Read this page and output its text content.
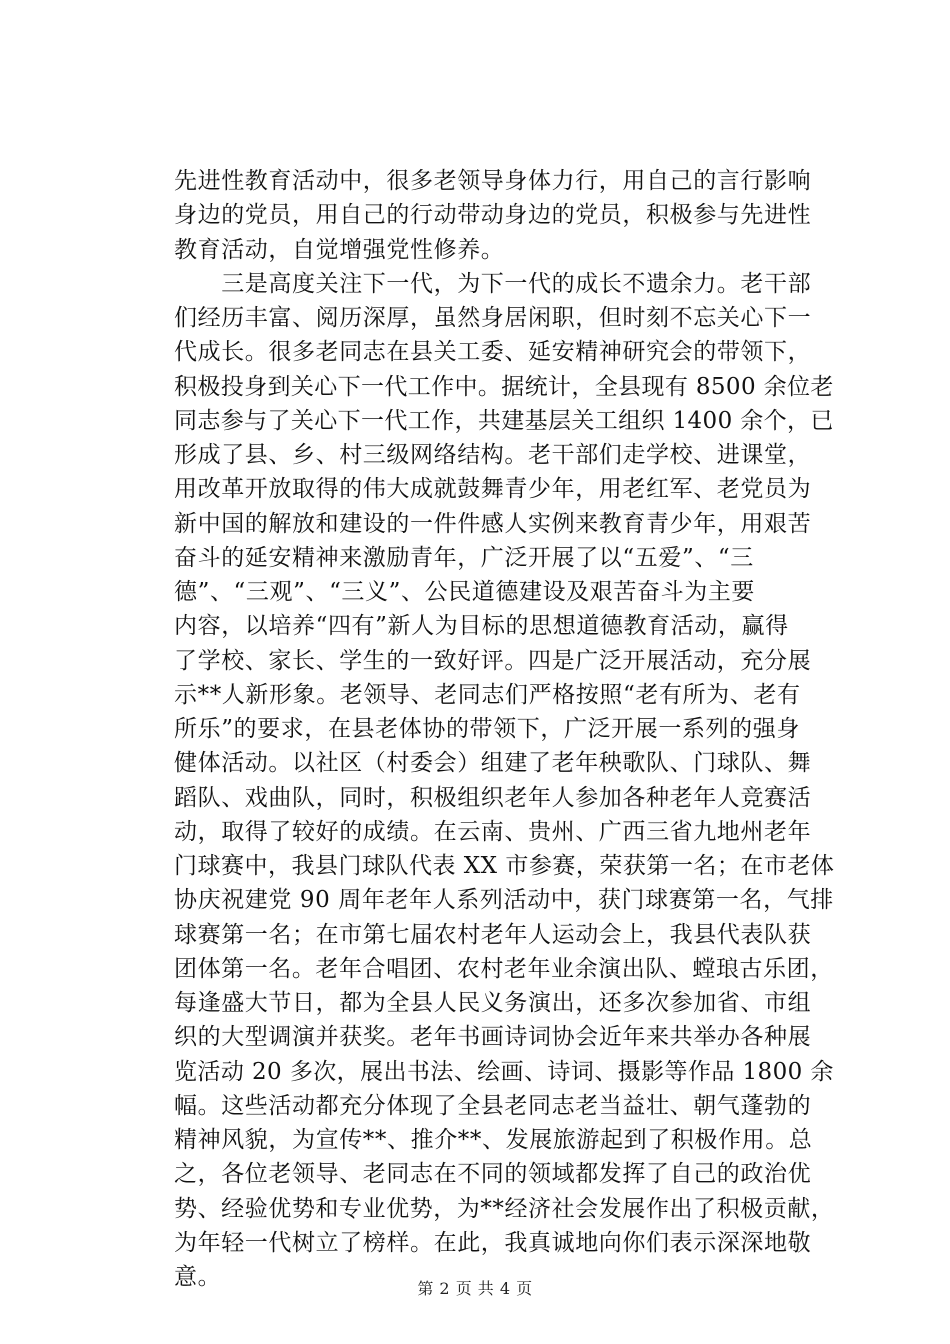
先进性教育活动中，很多老领导身体力行，用自己的言行影响
身边的党员，用自己的行动带动身边的党员，积极参与先进性
教育活动，自觉增强党性修养。
　　三是高度关注下一代，为下一代的成长不遗余力。老干部
们经历丰富、阅历深厚，虽然身居闲职，但时刻不忘关心下一
代成长。很多老同志在县关工委、延安精神研究会的带领下，
积极投身到关心下一代工作中。据统计，全县现有 8500 余位老
同志参与了关心下一代工作，共建基层关工组织 1400 余个，已
形成了县、乡、村三级网络结构。老干部们走学校、进课堂，
用改革开放取得的伟大成就鼓舞青少年，用老红军、老党员为
新中国的解放和建设的一件件感人实例来教育青少年，用艰苦
奋斗的延安精神来激励青年，广泛开展了以“五爱”、“三
德”、“三观”、“三义”、公民道德建设及艰苦奋斗为主要
内容，以培养“四有”新人为目标的思想道德教育活动，赢得
了学校、家长、学生的一致好评。四是广泛开展活动，充分展
示**人新形象。老领导、老同志们严格按照“老有所为、老有
所乐”的要求，在县老体协的带领下，广泛开展一系列的强身
健体活动。以社区（村委会）组建了老年秧歌队、门球队、舞
蹈队、戏曲队，同时，积极组织老年人参加各种老年人竞赛活
动，取得了较好的成绩。在云南、贵州、广西三省九地州老年
门球赛中，我县门球队代表 XX 市参赛，荣获第一名；在市老体
协庆祝建党 90 周年老年人系列活动中，获门球赛第一名，气排
球赛第一名；在市第七届农村老年人运动会上，我县代表队获
团体第一名。老年合唱团、农村老年业余演出队、螳琅古乐团，
每逢盛大节日，都为全县人民义务演出，还多次参加省、市组
织的大型调演并获奖。老年书画诗词协会近年来共举办各种展
览活动 20 多次，展出书法、绘画、诗词、摄影等作品 1800 余
幅。这些活动都充分体现了全县老同志老当益壮、朝气蓬勃的
精神风貌，为宣传**、推介**、发展旅游起到了积极作用。总
之，各位老领导、老同志在不同的领域都发挥了自己的政治优
势、经验优势和专业优势，为**经济社会发展作出了积极贡献，
为年轻一代树立了榜样。在此，我真诚地向你们表示深深地敬
意。	第 2 页 共 4 页
